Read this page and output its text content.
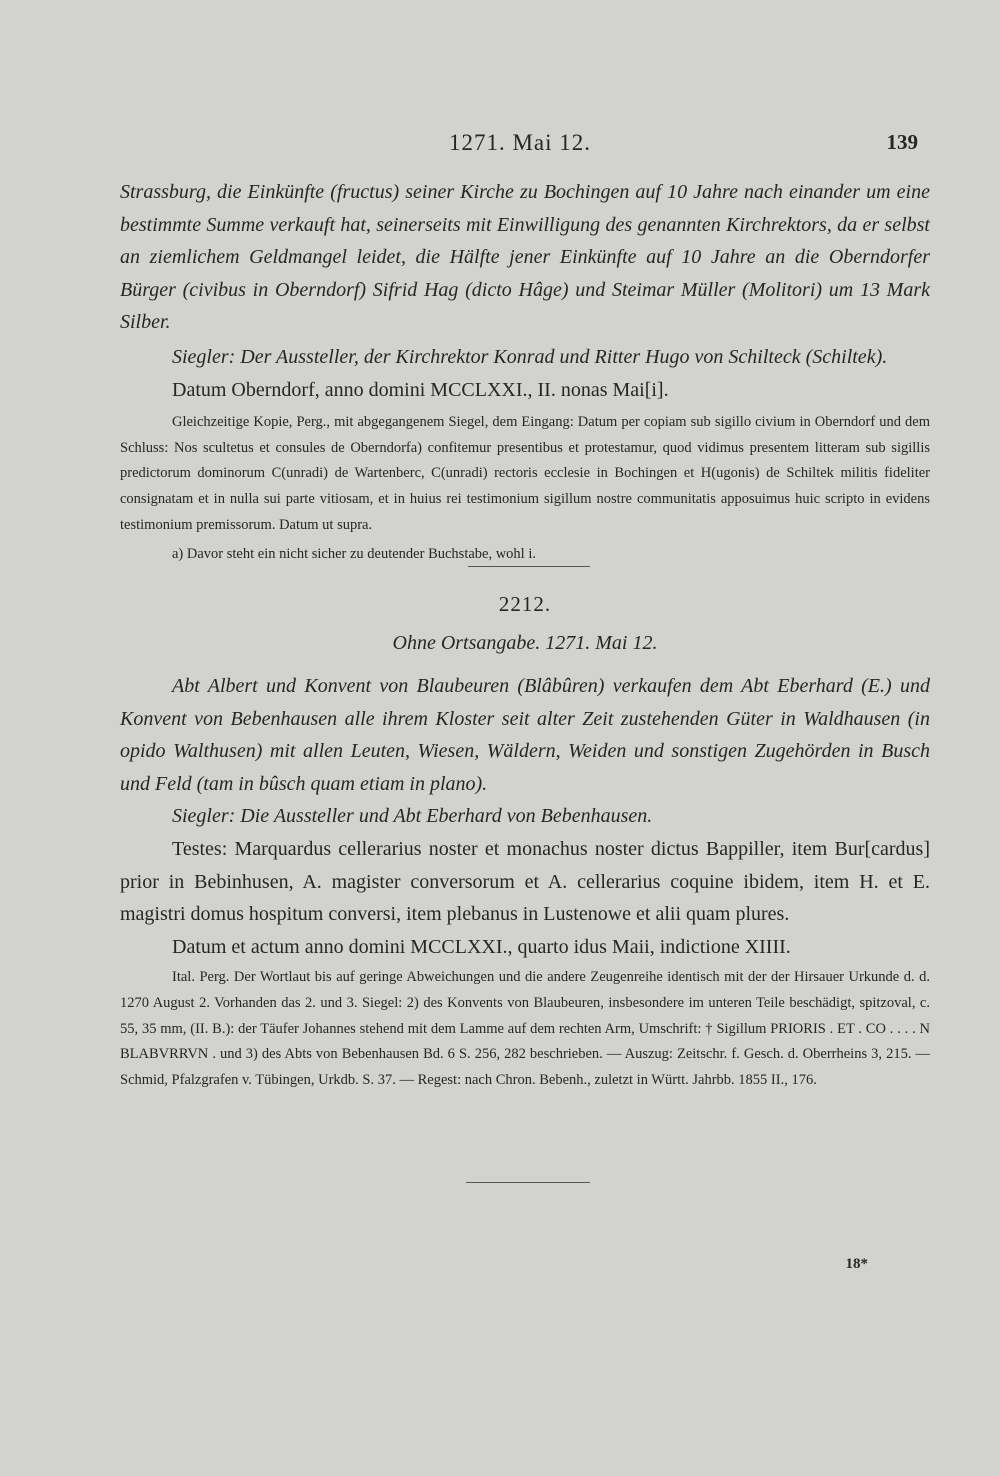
1271. Mai 12.	139

Strassburg, die Einkünfte (fructus) seiner Kirche zu Bochingen auf 10 Jahre nach einander um eine bestimmte Summe verkauft hat, seinerseits mit Einwilligung des genannten Kirchrektors, da er selbst an ziemlichem Geldmangel leidet, die Hälfte jener Einkünfte auf 10 Jahre an die Oberndorfer Bürger (civibus in Oberndorf) Sifrid Hag (dicto Hâge) und Steimar Müller (Molitori) um 13 Mark Silber.

Siegler: Der Aussteller, der Kirchrektor Konrad und Ritter Hugo von Schilteck (Schiltek).

Datum Oberndorf, anno domini MCCLXXI., II. nonas Mai[i].

Gleichzeitige Kopie, Perg., mit abgegangenem Siegel, dem Eingang: Datum per copiam sub sigillo civium in Oberndorf und dem Schluss: Nos scultetus et consules de Oberndorfa) confitemur presentibus et protestamur, quod vidimus presentem litteram sub sigillis predictorum dominorum C(unradi) de Wartenberc, C(unradi) rectoris ecclesie in Bochingen et H(ugonis) de Schiltek militis fideliter consignatam et in nulla sui parte vitiosam, et in huius rei testimonium sigillum nostre communitatis apposuimus huic scripto in evidens testimonium premissorum. Datum ut supra.

a) Davor steht ein nicht sicher zu deutender Buchstabe, wohl i.

2212.
Ohne Ortsangabe. 1271. Mai 12.

Abt Albert und Konvent von Blaubeuren (Blâbûren) verkaufen dem Abt Eberhard (E.) und Konvent von Bebenhausen alle ihrem Kloster seit alter Zeit zustehenden Güter in Waldhausen (in opido Walthusen) mit allen Leuten, Wiesen, Wäldern, Weiden und sonstigen Zugehörden in Busch und Feld (tam in bûsch quam etiam in plano).

Siegler: Die Aussteller und Abt Eberhard von Bebenhausen.

Testes: Marquardus cellerarius noster et monachus noster dictus Bappiller, item Bur[cardus] prior in Bebinhusen, A. magister conversorum et A. cellerarius coquine ibidem, item H. et E. magistri domus hospitum conversi, item plebanus in Lustenowe et alii quam plures.

Datum et actum anno domini MCCLXXI., quarto idus Maii, indictione XIIII.

Ital. Perg. Der Wortlaut bis auf geringe Abweichungen und die andere Zeugenreihe identisch mit der der Hirsauer Urkunde d. d. 1270 August 2. Vorhanden das 2. und 3. Siegel: 2) des Konvents von Blaubeuren, insbesondere im unteren Teile beschädigt, spitzoval, c. 55, 35 mm, (II. B.): der Täufer Johannes stehend mit dem Lamme auf dem rechten Arm, Umschrift: † Sigillum PRIORIS . ET . CO . . . . N BLABVRRVN . und 3) des Abts von Bebenhausen Bd. 6 S. 256, 282 beschrieben. — Auszug: Zeitschr. f. Gesch. d. Oberrheins 3, 215. — Schmid, Pfalzgrafen v. Tübingen, Urkdb. S. 37. — Regest: nach Chron. Bebenh., zuletzt in Württ. Jahrbb. 1855 II., 176.

18*
